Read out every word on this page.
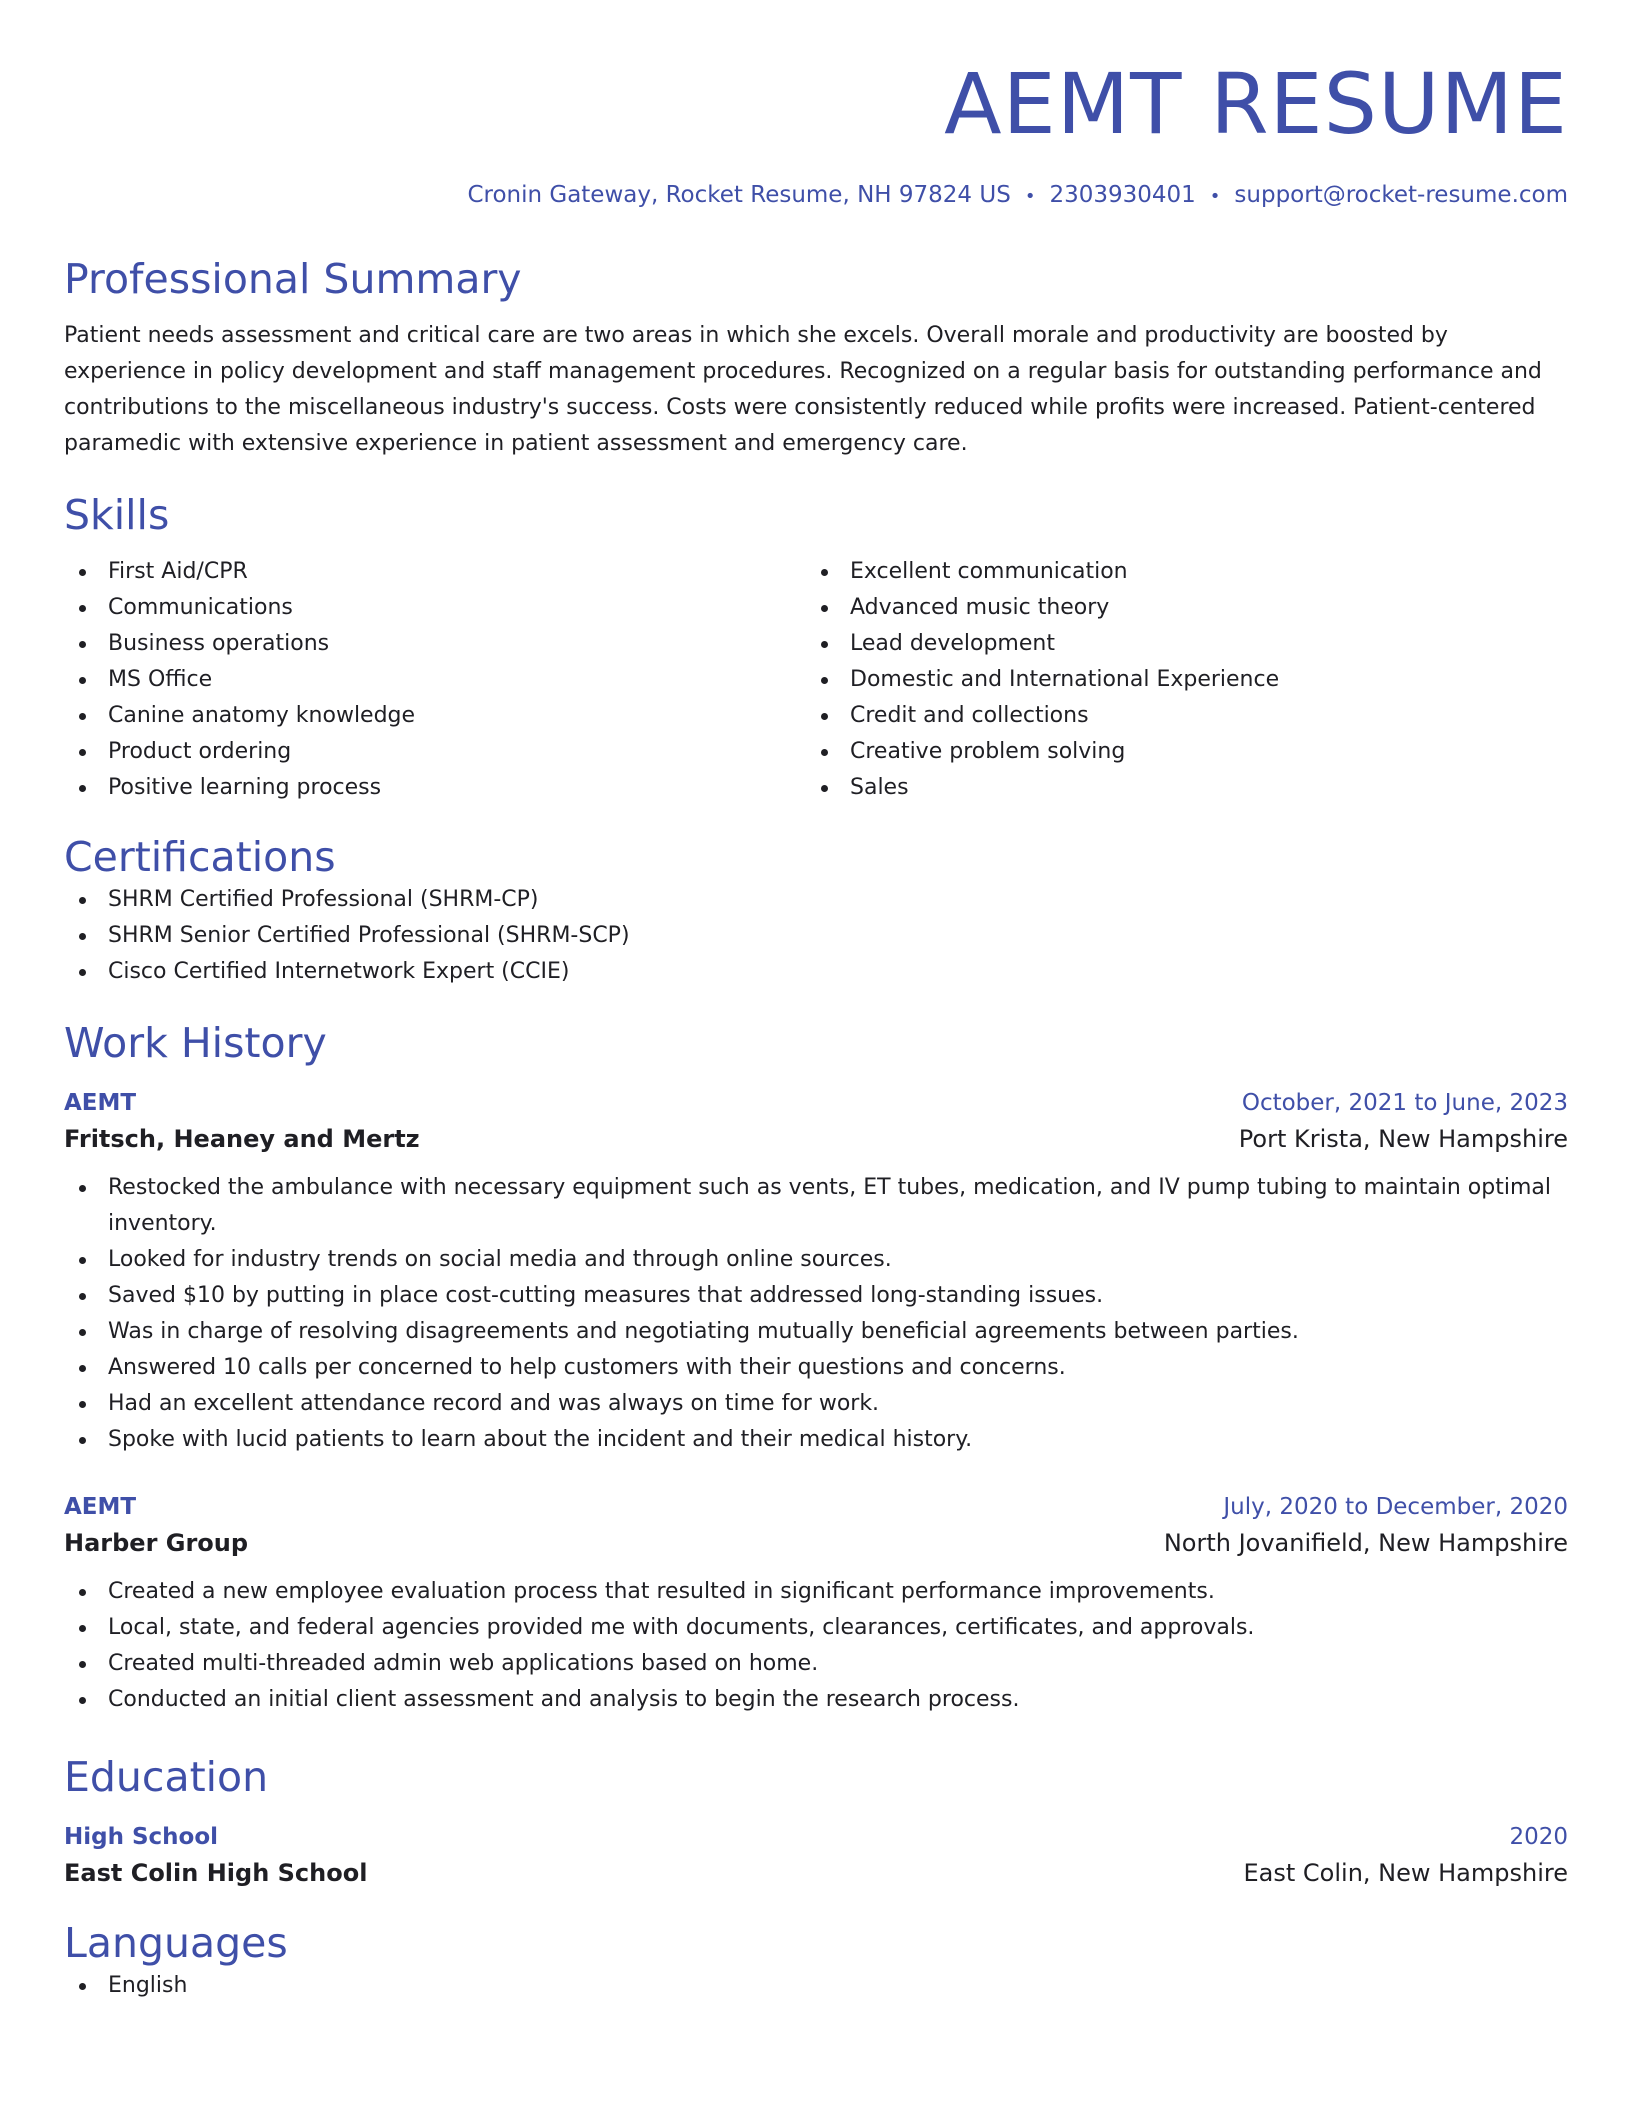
AEMT RESUME
Cronin Gateway, Rocket Resume, NH 97824 US • 2303930401 • support@rocket-resume.com
Professional Summary
Patient needs assessment and critical care are two areas in which she excels. Overall morale and productivity are boosted by experience in policy development and staff management procedures. Recognized on a regular basis for outstanding performance and contributions to the miscellaneous industry's success. Costs were consistently reduced while profits were increased. Patient-centered paramedic with extensive experience in patient assessment and emergency care.
Skills
First Aid/CPR
Communications
Business operations
MS Office
Canine anatomy knowledge
Product ordering
Positive learning process
Excellent communication
Advanced music theory
Lead development
Domestic and International Experience
Credit and collections
Creative problem solving
Sales
Certifications
SHRM Certified Professional (SHRM-CP)
SHRM Senior Certified Professional (SHRM-SCP)
Cisco Certified Internetwork Expert (CCIE)
Work History
AEMT	October, 2021 to June, 2023
Fritsch, Heaney and Mertz	Port Krista, New Hampshire
Restocked the ambulance with necessary equipment such as vents, ET tubes, medication, and IV pump tubing to maintain optimal inventory.
Looked for industry trends on social media and through online sources.
Saved $10 by putting in place cost-cutting measures that addressed long-standing issues.
Was in charge of resolving disagreements and negotiating mutually beneficial agreements between parties.
Answered 10 calls per concerned to help customers with their questions and concerns.
Had an excellent attendance record and was always on time for work.
Spoke with lucid patients to learn about the incident and their medical history.
AEMT	July, 2020 to December, 2020
Harber Group	North Jovanifield, New Hampshire
Created a new employee evaluation process that resulted in significant performance improvements.
Local, state, and federal agencies provided me with documents, clearances, certificates, and approvals.
Created multi-threaded admin web applications based on home.
Conducted an initial client assessment and analysis to begin the research process.
Education
High School	2020
East Colin High School	East Colin, New Hampshire
Languages
English
